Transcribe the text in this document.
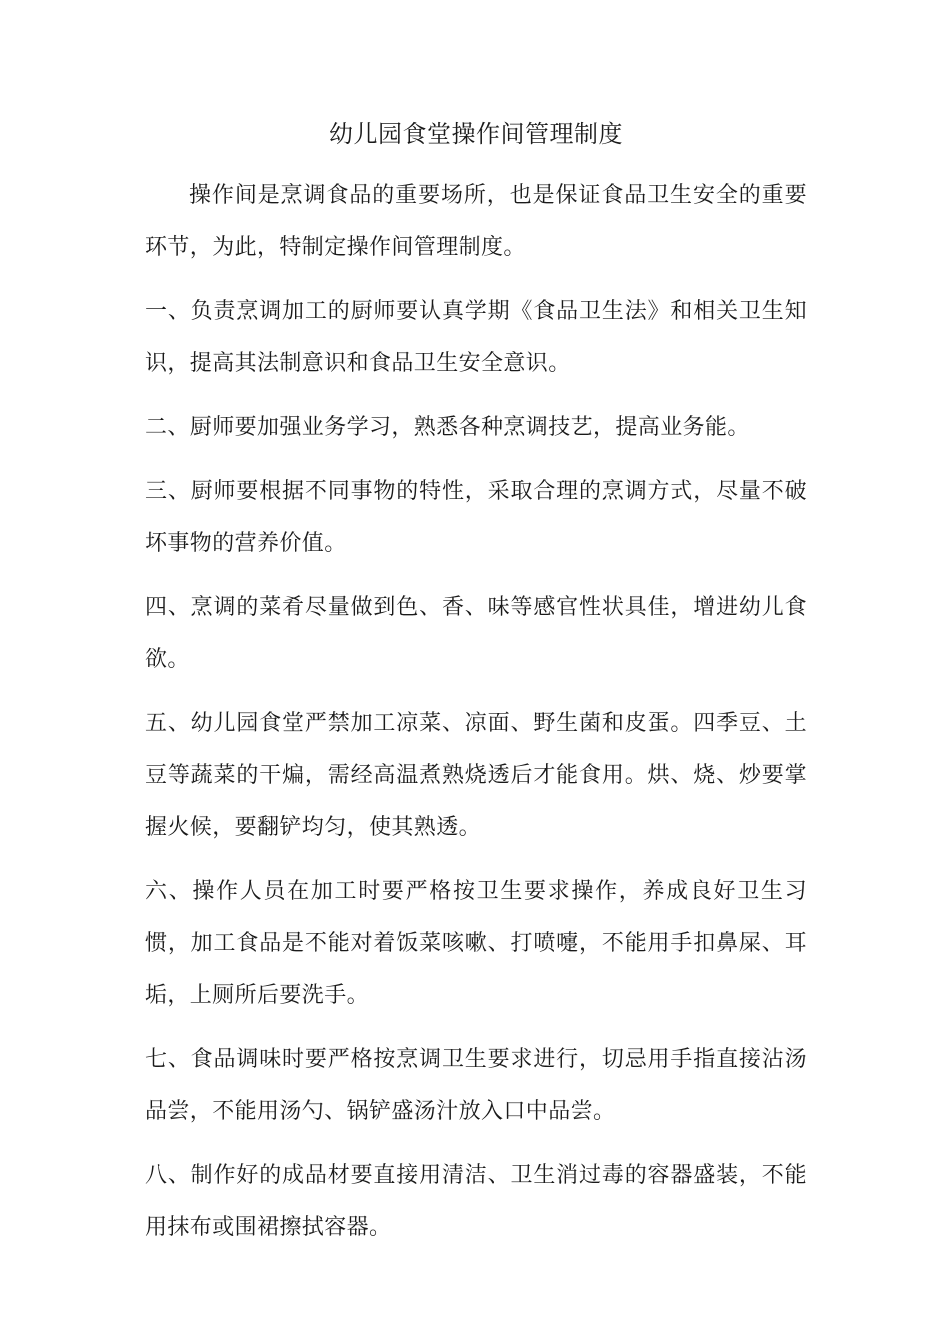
幼儿园食堂操作间管理制度

操作间是烹调食品的重要场所，也是保证食品卫生安全的重要环节，为此，特制定操作间管理制度。

一、负责烹调加工的厨师要认真学期《食品卫生法》和相关卫生知识，提高其法制意识和食品卫生安全意识。

二、厨师要加强业务学习，熟悉各种烹调技艺，提高业务能。

三、厨师要根据不同事物的特性，采取合理的烹调方式，尽量不破坏事物的营养价值。

四、烹调的菜肴尽量做到色、香、味等感官性状具佳，增进幼儿食欲。

五、幼儿园食堂严禁加工凉菜、凉面、野生菌和皮蛋。四季豆、土豆等蔬菜的干煸，需经高温煮熟烧透后才能食用。烘、烧、炒要掌握火候，要翻铲均匀，使其熟透。

六、操作人员在加工时要严格按卫生要求操作，养成良好卫生习惯，加工食品是不能对着饭菜咳嗽、打喷嚏，不能用手扣鼻屎、耳垢，上厕所后要洗手。

七、食品调味时要严格按烹调卫生要求进行，切忌用手指直接沾汤品尝，不能用汤勺、锅铲盛汤汁放入口中品尝。

八、制作好的成品材要直接用清洁、卫生消过毒的容器盛装，不能用抹布或围裙擦拭容器。
